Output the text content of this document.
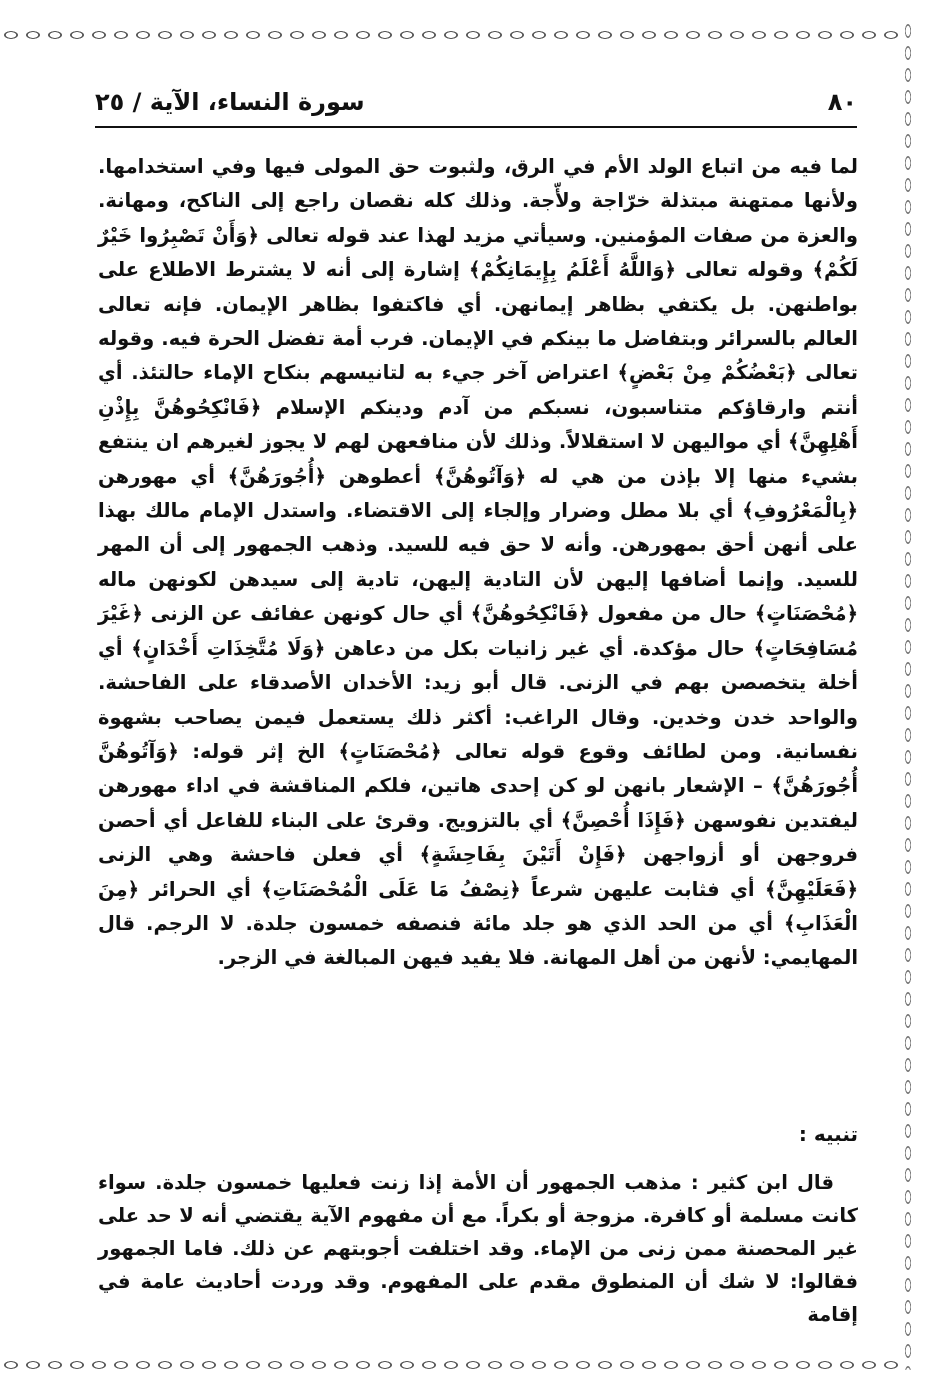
٨٠
سورة النساء، الآية / ٢٥

لما فيه من اتباع الولد الأم في الرق، ولثبوت حق المولى فيها وفي استخدامها. ولأنها ممتهنة مبتذلة خرّاجة ولأّجة. وذلك كله نقصان راجع إلى الناكح، ومهانة. والعزة من صفات المؤمنين. وسيأتي مزيد لهذا عند قوله تعالى ﴿وَأَنْ تَصْبِرُوا خَيْرٌ لَكُمْ﴾ وقوله تعالى ﴿وَاللَّهُ أَعْلَمُ بِإِيمَانِكُمْ﴾ إشارة إلى أنه لا يشترط الاطلاع على بواطنهن. بل يكتفي بظاهر إيمانهن. أي فاكتفوا بظاهر الإيمان. فإنه تعالى العالم بالسرائر وبتفاضل ما بينكم في الإيمان. فرب أمة تفضل الحرة فيه. وقوله تعالى ﴿بَعْضُكُمْ مِنْ بَعْضٍ﴾ اعتراض آخر جيء به لتانيسهم بنكاح الإماء حالتئذ. أي أنتم وارقاؤكم متناسبون، نسبكم من آدم ودينكم الإسلام ﴿فَانْكِحُوهُنَّ بِإِذْنِ أَهْلِهِنَّ﴾ أي مواليهن لا استقلالاً. وذلك لأن منافعهن لهم لا يجوز لغيرهم ان ينتفع بشيء منها إلا بإذن من هي له ﴿وَآتُوهُنَّ﴾ أعطوهن ﴿أُجُورَهُنَّ﴾ أي مهورهن ﴿بِالْمَعْرُوفِ﴾ أي بلا مطل وضرار وإلجاء إلى الاقتضاء. واستدل الإمام مالك بهذا على أنهن أحق بمهورهن. وأنه لا حق فيه للسيد. وذهب الجمهور إلى أن المهر للسيد. وإنما أضافها إليهن لأن التادية إليهن، تادية إلى سيدهن لكونهن ماله ﴿مُحْصَنَاتٍ﴾ حال من مفعول ﴿فَانْكِحُوهُنَّ﴾ أي حال كونهن عفائف عن الزنى ﴿غَيْرَ مُسَافِحَاتٍ﴾ حال مؤكدة. أي غير زانيات بكل من دعاهن ﴿وَلَا مُتَّخِذَاتِ أَخْدَانٍ﴾ أي أخلة يتخصصن بهم في الزنى. قال أبو زيد: الأخدان الأصدقاء على الفاحشة. والواحد خدن وخدين. وقال الراغب: أكثر ذلك يستعمل فيمن يصاحب بشهوة نفسانية. ومن لطائف وقوع قوله تعالى ﴿مُحْصَنَاتٍ﴾ الخ إثر قوله: ﴿وَآتُوهُنَّ أُجُورَهُنَّ﴾ – الإشعار بانهن لو كن إحدى هاتين، فلكم المناقشة في اداء مهورهن ليفتدين نفوسهن ﴿فَإِذَا أُحْصِنَّ﴾ أي بالتزويج. وقرئ على البناء للفاعل أي أحصن فروجهن أو أزواجهن ﴿فَإِنْ أَتَيْنَ بِفَاحِشَةٍ﴾ أي فعلن فاحشة وهي الزنى ﴿فَعَلَيْهِنَّ﴾ أي فثابت عليهن شرعاً ﴿نِصْفُ مَا عَلَى الْمُحْصَنَاتِ﴾ أي الحرائر ﴿مِنَ الْعَذَابِ﴾ أي من الحد الذي هو جلد مائة فنصفه خمسون جلدة. لا الرجم. قال المهايمي: لأنهن من أهل المهانة. فلا يفيد فيهن المبالغة في الزجر.

تنبيه :

قال ابن كثير : مذهب الجمهور أن الأمة إذا زنت فعليها خمسون جلدة. سواء كانت مسلمة أو كافرة. مزوجة أو بكراً. مع أن مفهوم الآية يقتضي أنه لا حد على غير المحصنة ممن زنى من الإماء. وقد اختلفت أجوبتهم عن ذلك. فاما الجمهور فقالوا: لا شك أن المنطوق مقدم على المفهوم. وقد وردت أحاديث عامة في إقامة
